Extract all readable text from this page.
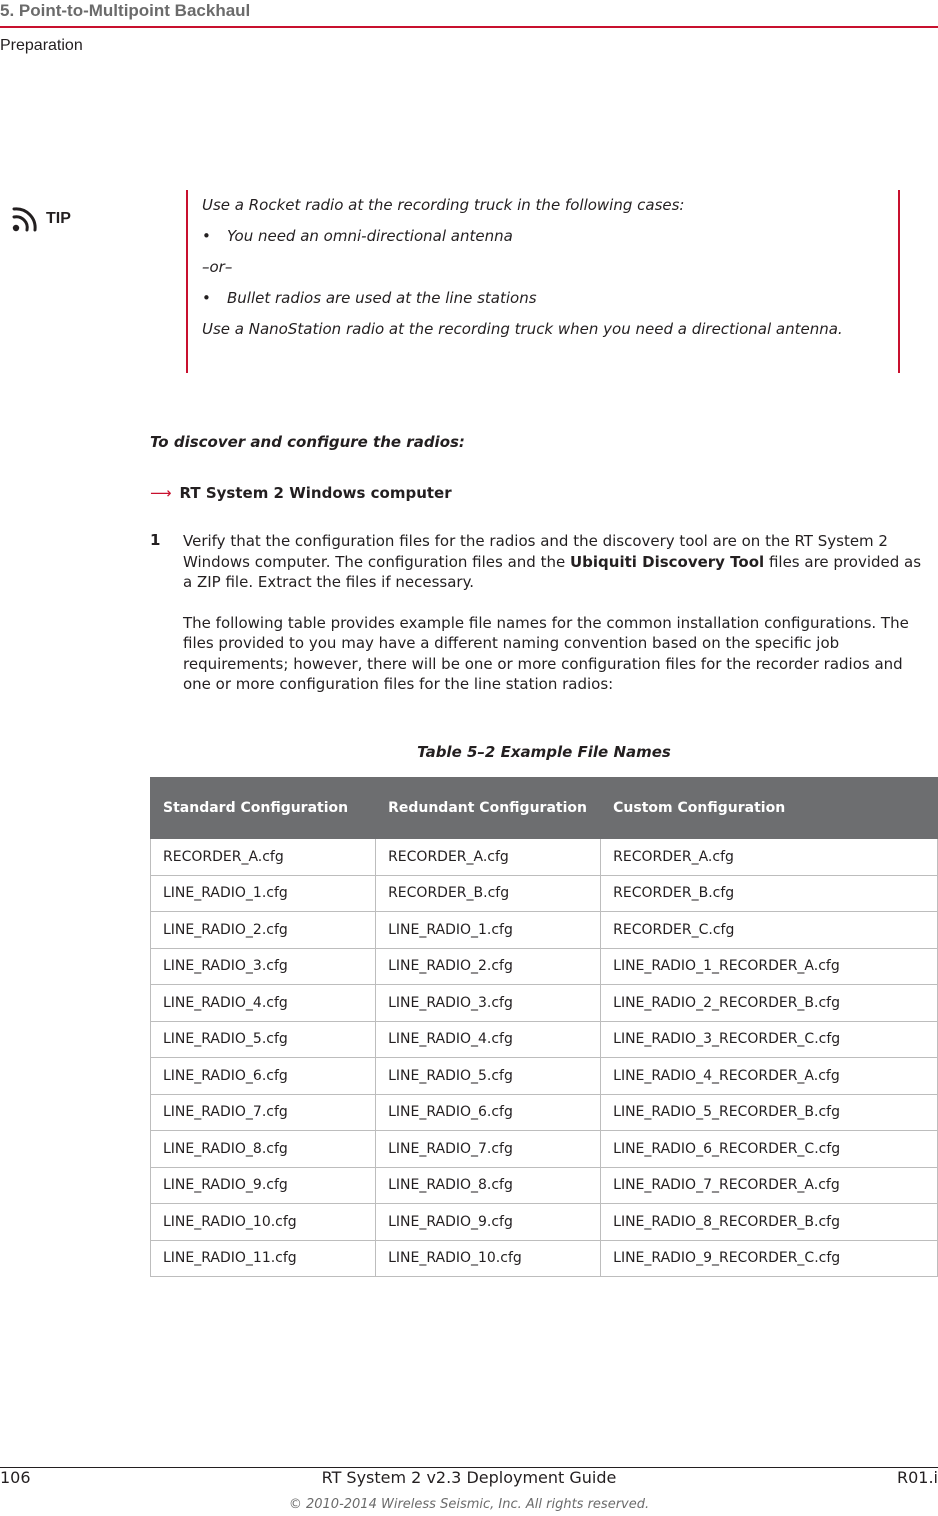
5. Point-to-Multipoint Backhaul
Preparation
TIP

Use a Rocket radio at the recording truck in the following cases:

• You need an omni-directional antenna

–or–

• Bullet radios are used at the line stations

Use a NanoStation radio at the recording truck when you need a directional antenna.

To discover and configure the radios:
⟶ RT System 2 Windows computer
1 Verify that the configuration files for the radios and the discovery tool are on the RT System 2 Windows computer. The configuration files and the Ubiquiti Discovery Tool files are provided as a ZIP file. Extract the files if necessary.

The following table provides example file names for the common installation configurations. The files provided to you may have a different naming convention based on the specific job requirements; however, there will be one or more configuration files for the recorder radios and one or more configuration files for the line station radios:

Table 5–2 Example File Names
Standard Configuration	Redundant Configuration	Custom Configuration
RECORDER_A.cfg	RECORDER_A.cfg	RECORDER_A.cfg
LINE_RADIO_1.cfg	RECORDER_B.cfg	RECORDER_B.cfg
LINE_RADIO_2.cfg	LINE_RADIO_1.cfg	RECORDER_C.cfg
LINE_RADIO_3.cfg	LINE_RADIO_2.cfg	LINE_RADIO_1_RECORDER_A.cfg
LINE_RADIO_4.cfg	LINE_RADIO_3.cfg	LINE_RADIO_2_RECORDER_B.cfg
LINE_RADIO_5.cfg	LINE_RADIO_4.cfg	LINE_RADIO_3_RECORDER_C.cfg
LINE_RADIO_6.cfg	LINE_RADIO_5.cfg	LINE_RADIO_4_RECORDER_A.cfg
LINE_RADIO_7.cfg	LINE_RADIO_6.cfg	LINE_RADIO_5_RECORDER_B.cfg
LINE_RADIO_8.cfg	LINE_RADIO_7.cfg	LINE_RADIO_6_RECORDER_C.cfg
LINE_RADIO_9.cfg	LINE_RADIO_8.cfg	LINE_RADIO_7_RECORDER_A.cfg
LINE_RADIO_10.cfg	LINE_RADIO_9.cfg	LINE_RADIO_8_RECORDER_B.cfg
LINE_RADIO_11.cfg	LINE_RADIO_10.cfg	LINE_RADIO_9_RECORDER_C.cfg
106	RT System 2 v2.3 Deployment Guide	R01.i
© 2010-2014 Wireless Seismic, Inc. All rights reserved.
